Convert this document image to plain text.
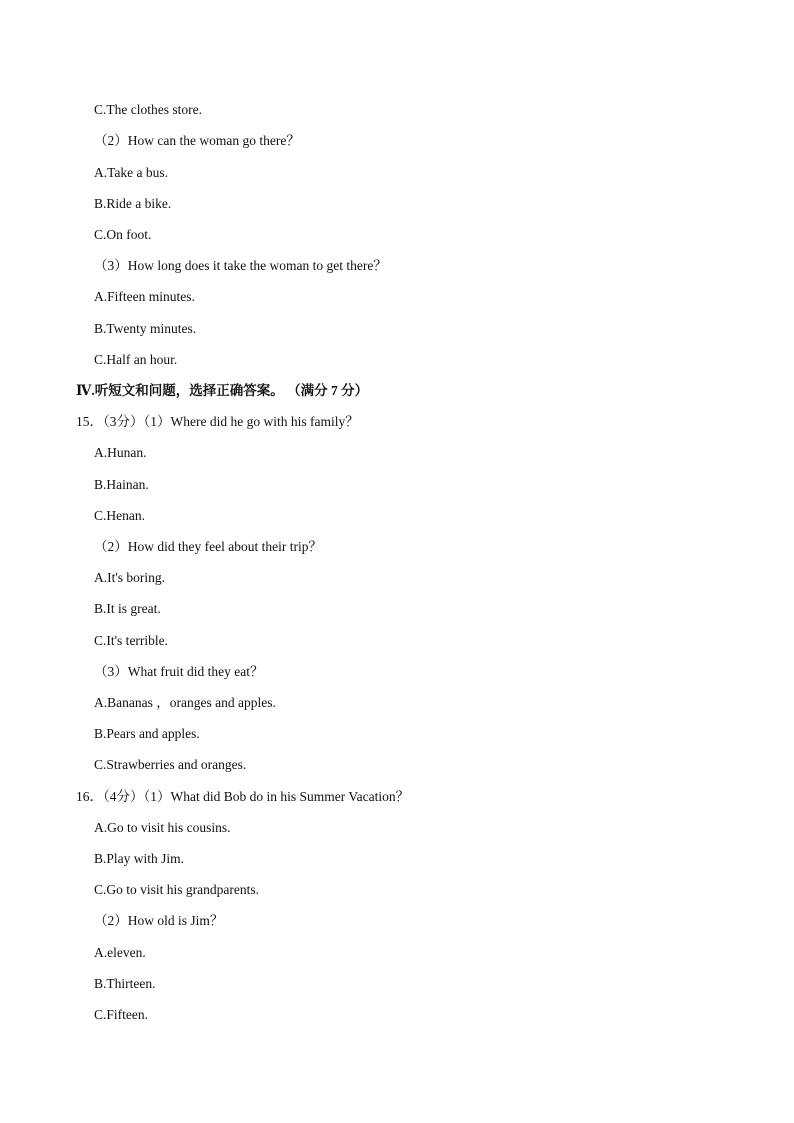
C.The clothes store.
（2）How can the woman go there？
A.Take a bus.
B.Ride a bike.
C.On foot.
（3）How long does it take the woman to get there？
A.Fifteen minutes.
B.Twenty minutes.
C.Half an hour.
Ⅳ.听短文和问题，选择正确答案。 （满分 7 分）
15．（3分）（1）Where did he go with his family？
A.Hunan.
B.Hainan.
C.Henan.
（2）How did they feel about their trip？
A.It's boring.
B.It is great.
C.It's terrible.
（3）What fruit did they eat？
A.Bananas ，oranges and apples.
B.Pears and apples.
C.Strawberries and oranges.
16．（4分）（1）What did Bob do in his Summer Vacation？
A.Go to visit his cousins.
B.Play with Jim.
C.Go to visit his grandparents.
（2）How old is Jim？
A.eleven.
B.Thirteen.
C.Fifteen.
